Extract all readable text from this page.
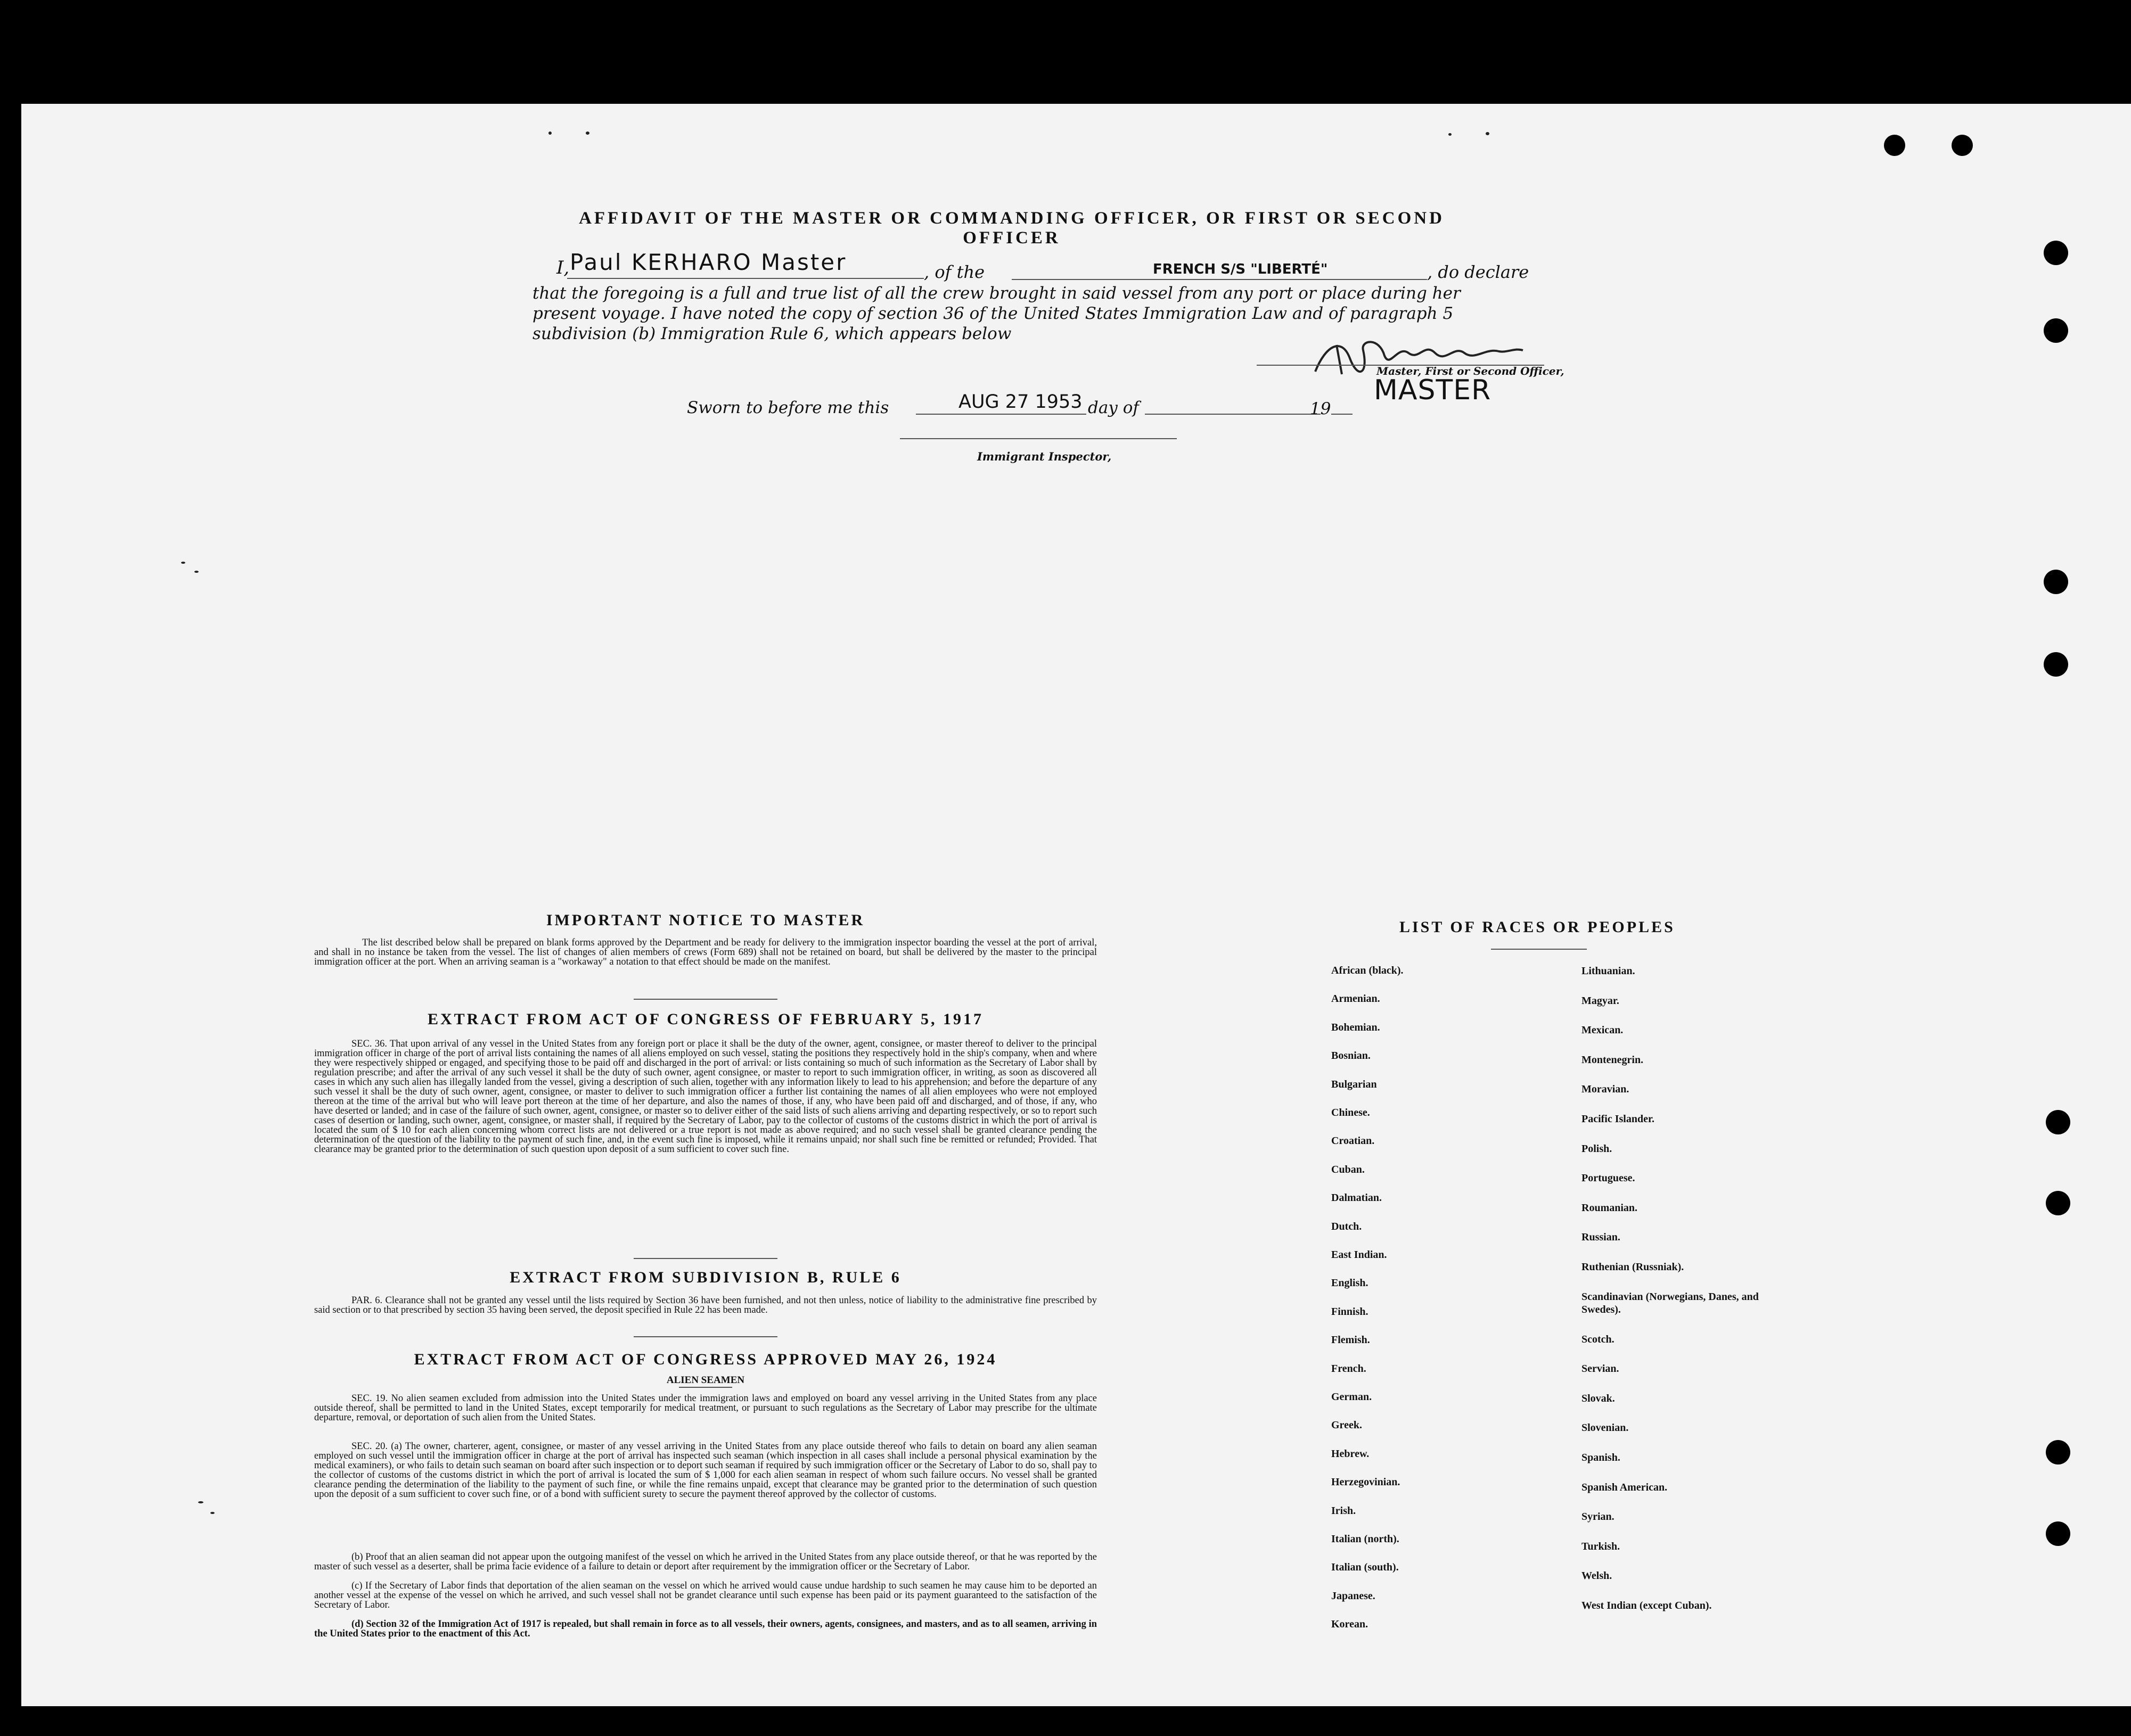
AFFIDAVIT OF THE MASTER OR COMMANDING OFFICER, OR FIRST OR SECOND OFFICER
I, Paul KERHARO Master	, of the	FRENCH S/S "LIBERTÉ"	, do declare
that the foregoing is a full and true list of all the crew brought in said vessel from any port or place during her
present voyage. I have noted the copy of section 36 of the United States Immigration Law and of paragraph 5
subdivision (b) Immigration Rule 6, which appears below
Master, First or Second Officer,
MASTER
Sworn to before me this	AUG 27 1953 day of	19
Immigrant Inspector,
IMPORTANT NOTICE TO MASTER
The list described below shall be prepared on blank forms approved by the Department and be ready for delivery to the immigration inspector boarding the vessel at the port of arrival, and shall in no instance be taken from the vessel. The list of changes of alien members of crews (Form 689) shall not be retained on board, but shall be delivered by the master to the principal immigration officer at the port. When an arriving seaman is a "workaway" a notation to that effect should be made on the manifest.
EXTRACT FROM ACT OF CONGRESS OF FEBRUARY 5, 1917
SEC. 36. That upon arrival of any vessel in the United States from any foreign port or place it shall be the duty of the owner, agent, consignee, or master thereof to deliver to the principal immigration officer in charge of the port of arrival lists containing the names of all aliens employed on such vessel, stating the positions they respectively hold in the ship's company, when and where they were respectively shipped or engaged, and specifying those to be paid off and discharged in the port of arrival: or lists containing so much of such information as the Secretary of Labor shall by regulation prescribe; and after the arrival of any such vessel it shall be the duty of such owner, agent consignee, or master to report to such immigration officer, in writing, as soon as discovered all cases in which any such alien has illegally landed from the vessel, giving a description of such alien, together with any information likely to lead to his apprehension; and before the departure of any such vessel it shall be the duty of such owner, agent, consignee, or master to deliver to such immigration officer a further list containing the names of all alien employees who were not employed thereon at the time of the arrival but who will leave port thereon at the time of her departure, and also the names of those, if any, who have been paid off and discharged, and of those, if any, who have deserted or landed; and in case of the failure of such owner, agent, consignee, or master so to deliver either of the said lists of such aliens arriving and departing respectively, or so to report such cases of desertion or landing, such owner, agent, consignee, or master shall, if required by the Secretary of Labor, pay to the collector of customs of the customs district in which the port of arrival is located the sum of $ 10 for each alien concerning whom correct lists are not delivered or a true report is not made as above required; and no such vessel shall be granted clearance pending the determination of the question of the liability to the payment of such fine, and, in the event such fine is imposed, while it remains unpaid; nor shall such fine be remitted or refunded; Provided. That clearance may be granted prior to the determination of such question upon deposit of a sum sufficient to cover such fine.
EXTRACT FROM SUBDIVISION B, RULE 6
PAR. 6. Clearance shall not be granted any vessel until the lists required by Section 36 have been furnished, and not then unless, notice of liability to the administrative fine prescribed by said section or to that prescribed by section 35 having been served, the deposit specified in Rule 22 has been made.
EXTRACT FROM ACT OF CONGRESS APPROVED MAY 26, 1924
ALIEN SEAMEN
SEC. 19. No alien seamen excluded from admission into the United States under the immigration laws and employed on board any vessel arriving in the United States from any place outside thereof, shall be permitted to land in the United States, except temporarily for medical treatment, or pursuant to such regulations as the Secretary of Labor may prescribe for the ultimate departure, removal, or deportation of such alien from the United States.
SEC. 20. (a) The owner, charterer, agent, consignee, or master of any vessel arriving in the United States from any place outside thereof who fails to detain on board any alien seaman employed on such vessel until the immigration officer in charge at the port of arrival has inspected such seaman (which inspection in all cases shall include a personal physical examination by the medical examiners), or who fails to detain such seaman on board after such inspection or to deport such seaman if required by such immigration officer or the Secretary of Labor to do so, shall pay to the collector of customs of the customs district in which the port of arrival is located the sum of $ 1,000 for each alien seaman in respect of whom such failure occurs. No vessel shall be granted clearance pending the determination of the liability to the payment of such fine, or while the fine remains unpaid, except that clearance may be granted prior to the determination of such question upon the deposit of a sum sufficient to cover such fine, or of a bond with sufficient surety to secure the payment thereof approved by the collector of customs.
(b) Proof that an alien seaman did not appear upon the outgoing manifest of the vessel on which he arrived in the United States from any place outside thereof, or that he was reported by the master of such vessel as a deserter, shall be prima facie evidence of a failure to detain or deport after requirement by the immigration officer or the Secretary of Labor.
(c) If the Secretary of Labor finds that deportation of the alien seaman on the vessel on which he arrived would cause undue hardship to such seamen he may cause him to be deported an another vessel at the expense of the vessel on which he arrived, and such vessel shall not be grandet clearance until such expense has been paid or its payment guaranteed to the satisfaction of the Secretary of Labor.
(d) Section 32 of the Immigration Act of 1917 is repealed, but shall remain in force as to all vessels, their owners, agents, consignees, and masters, and as to all seamen, arriving in the United States prior to the enactment of this Act.
LIST OF RACES OR PEOPLES
African (black).
Armenian.
Bohemian.
Bosnian.
Bulgarian
Chinese.
Croatian.
Cuban.
Dalmatian.
Dutch.
East Indian.
English.
Finnish.
Flemish.
French.
German.
Greek.
Hebrew.
Herzegovinian.
Irish.
Italian (north).
Italian (south).
Japanese.
Korean.
Lithuanian.
Magyar.
Mexican.
Montenegrin.
Moravian.
Pacific Islander.
Polish.
Portuguese.
Roumanian.
Russian.
Ruthenian (Russniak).
Scandinavian (Norwegians, Danes, and Swedes).
Scotch.
Servian.
Slovak.
Slovenian.
Spanish.
Spanish American.
Syrian.
Turkish.
Welsh.
West Indian (except Cuban).
